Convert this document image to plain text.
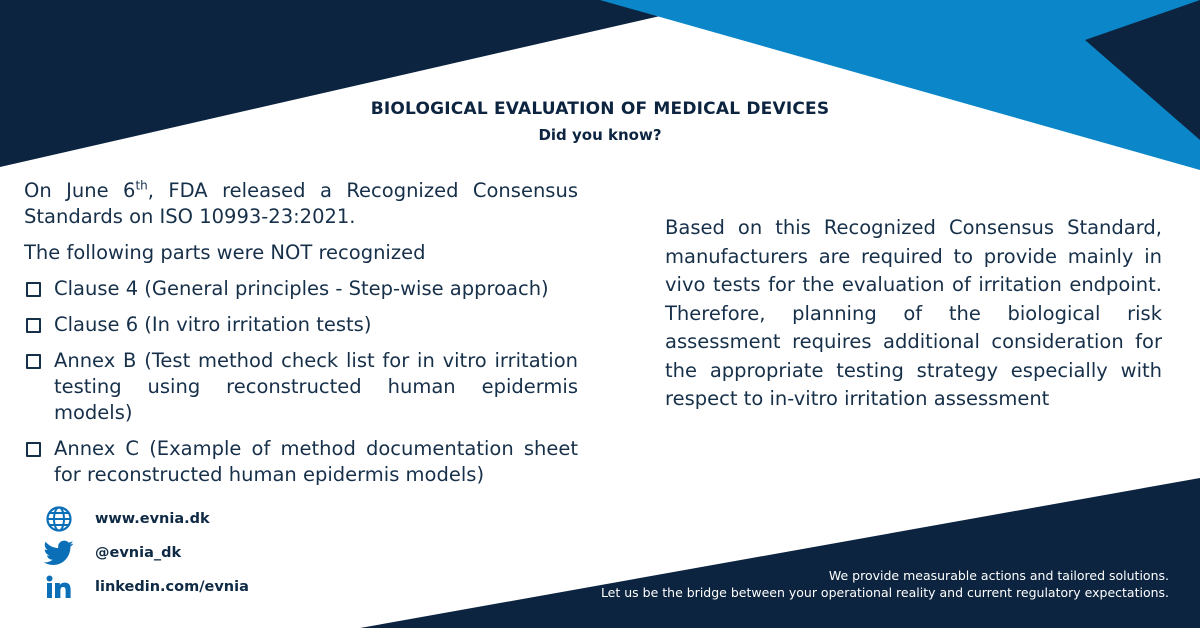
BIOLOGICAL EVALUATION OF MEDICAL DEVICES
Did you know?

On June 6th, FDA released a Recognized Consensus Standards on ISO 10993-23:2021.

The following parts were NOT recognized

Clause 4 (General principles - Step-wise approach)
Clause 6 (In vitro irritation tests)
Annex B (Test method check list for in vitro irritation testing using reconstructed human epidermis models)
Annex C (Example of method documentation sheet for reconstructed human epidermis models)

Based on this Recognized Consensus Standard, manufacturers are required to provide mainly in vivo tests for the evaluation of irritation endpoint. Therefore, planning of the biological risk assessment requires additional consideration for the appropriate testing strategy especially with respect to in-vitro irritation assessment

www.evnia.dk
@evnia_dk
linkedin.com/evnia
We provide measurable actions and tailored solutions.
Let us be the bridge between your operational reality and current regulatory expectations.
